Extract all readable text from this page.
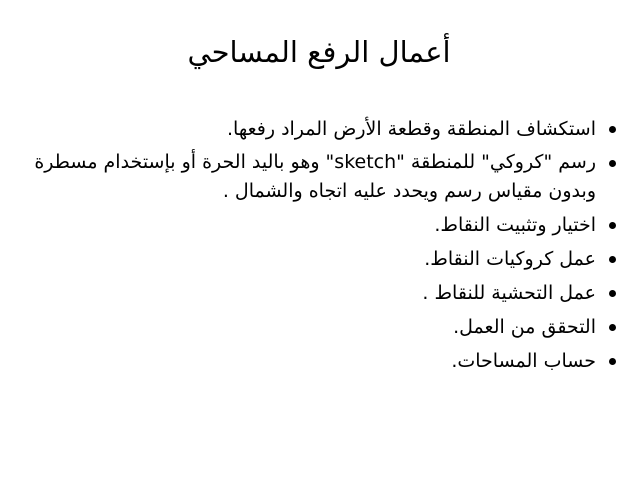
أعمال الرفع المساحي
استكشاف المنطقة وقطعة الأرض المراد رفعها.
رسم "كروكي" للمنطقة "sketch" وهو باليد الحرة أو بإستخدام مسطرة وبدون مقياس رسم ويحدد عليه اتجاه والشمال .
اختيار وتثبيت النقاط.
عمل كروكيات النقاط.
عمل التحشية للنقاط .
التحقق من العمل.
حساب المساحات.
